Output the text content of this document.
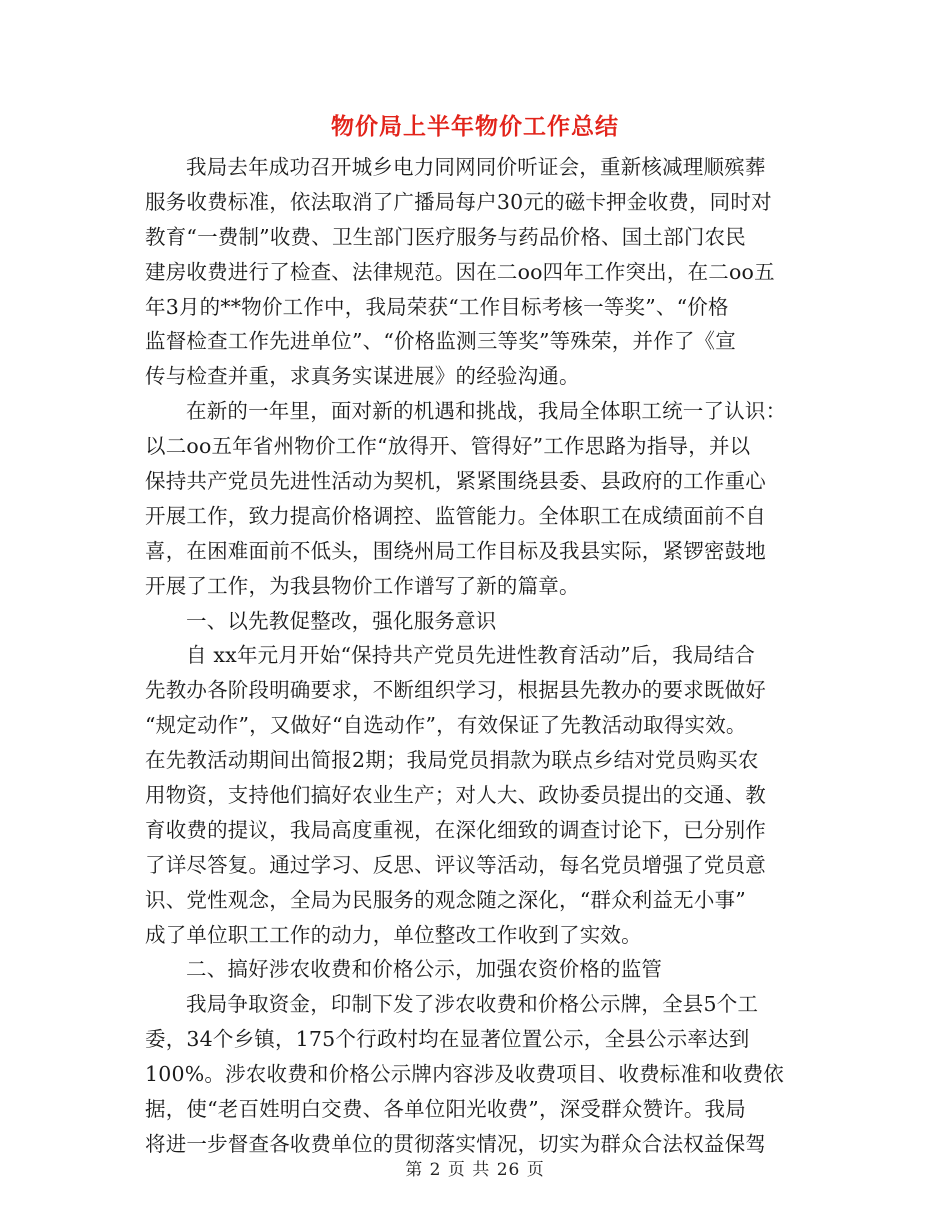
物价局上半年物价工作总结
我局去年成功召开城乡电力同网同价听证会，重新核减理顺殡葬
服务收费标准，依法取消了广播局每户30元的磁卡押金收费，同时对
教育“一费制”收费、卫生部门医疗服务与药品价格、国土部门农民
建房收费进行了检查、法律规范。因在二oo四年工作突出，在二oo五
年3月的**物价工作中，我局荣获“工作目标考核一等奖”、“价格
监督检查工作先进单位”、“价格监测三等奖”等殊荣，并作了《宣
传与检查并重，求真务实谋进展》的经验沟通。
在新的一年里，面对新的机遇和挑战，我局全体职工统一了认识：
以二oo五年省州物价工作“放得开、管得好”工作思路为指导，并以
保持共产党员先进性活动为契机，紧紧围绕县委、县政府的工作重心
开展工作，致力提高价格调控、监管能力。全体职工在成绩面前不自
喜，在困难面前不低头，围绕州局工作目标及我县实际，紧锣密鼓地
开展了工作，为我县物价工作谱写了新的篇章。
一、以先教促整改，强化服务意识
自 xx年元月开始“保持共产党员先进性教育活动”后，我局结合
先教办各阶段明确要求，不断组织学习，根据县先教办的要求既做好
“规定动作”，又做好“自选动作”，有效保证了先教活动取得实效。
在先教活动期间出简报2期；我局党员捐款为联点乡结对党员购买农
用物资，支持他们搞好农业生产；对人大、政协委员提出的交通、教
育收费的提议，我局高度重视，在深化细致的调查讨论下，已分别作
了详尽答复。通过学习、反思、评议等活动，每名党员增强了党员意
识、党性观念，全局为民服务的观念随之深化，“群众利益无小事”
成了单位职工工作的动力，单位整改工作收到了实效。
二、搞好涉农收费和价格公示，加强农资价格的监管
我局争取资金，印制下发了涉农收费和价格公示牌，全县5个工
委，34个乡镇，175个行政村均在显著位置公示，全县公示率达到
100%。涉农收费和价格公示牌内容涉及收费项目、收费标准和收费依
据，使“老百姓明白交费、各单位阳光收费”，深受群众赞许。我局
将进一步督查各收费单位的贯彻落实情况，切实为群众合法权益保驾
第 2 页 共 26 页
